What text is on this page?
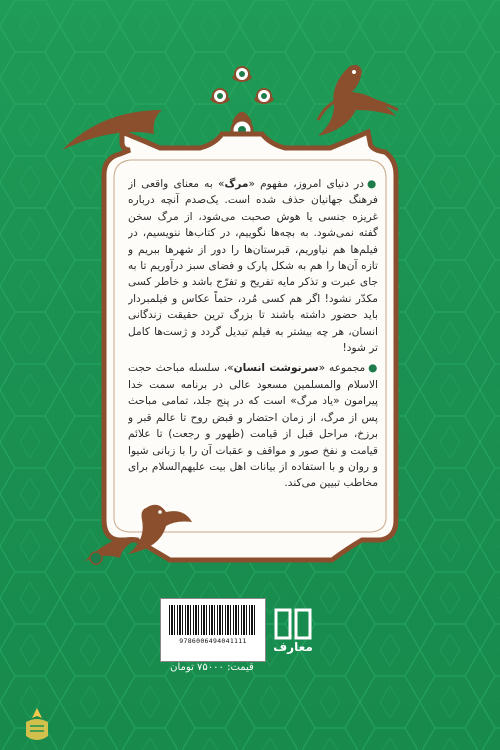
●در دنیای امروز، مفهوم «مرگ» به معنای واقعی از فرهنگ جهانیان حذف شده است. یک‌صدم آنچه درباره غریزه جنسی یا هوش صحبت می‌شود، از مرگ سخن گفته نمی‌شود. به بچه‌ها نگوییم، در کتاب‌ها ننویسیم، در فیلم‌ها هم نیاوریم، قبرستان‌ها را دور از شهرها ببریم و تازه آن‌ها را هم به شکل پارک و فضای سبز درآوریم تا به جای عبرت و تذکر مایه تفریح و تفرّج باشد و خاطر کسی مکدّر نشود! اگر هم کسی مُرد، حتماً عکاس و فیلمبردار باید حضور داشته باشند تا بزرگ ترین حقیقت زندگانی انسان، هر چه بیشتر به فیلم تبدیل گردد و ژست‌ها کامل تر شود!

●مجموعه «سرنوشت انسان»، سلسله مباحث حجت الاسلام والمسلمین مسعود عالی در برنامه سمت خدا پیرامون «یاد مرگ» است که در پنج جلد، تمامی مباحث پس از مرگ، از زمان احتضار و قبض روح تا عالم قبر و برزخ، مراحل قبل از قیامت (ظهور و رجعت) تا علائم قیامت و نفخ صور و مواقف و عقبات آن را با زبانی شیوا و روان و با استفاده از بیانات اهل بیت عليهم‌السلام برای مخاطب تبیین می‌کند.

9786006494041111
قیمت: ۷۵۰۰۰ تومان
معارف
